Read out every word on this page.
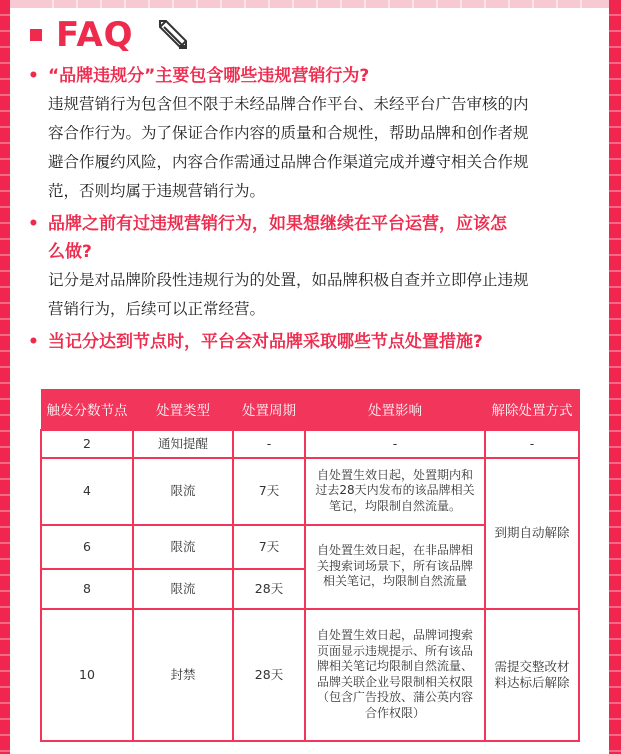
FAQ
• “品牌违规分”主要包含哪些违规营销行为?
违规营销行为包含但不限于未经品牌合作平台、未经平台广告审核的内
容合作行为。为了保证合作内容的质量和合规性，帮助品牌和创作者规
避合作履约风险，内容合作需通过品牌合作渠道完成并遵守相关合作规
范，否则均属于违规营销行为。
• 品牌之前有过违规营销行为，如果想继续在平台运营，应该怎
么做?
记分是对品牌阶段性违规行为的处置，如品牌积极自查并立即停止违规
营销行为，后续可以正常经营。
• 当记分达到节点时，平台会对品牌采取哪些节点处置措施?
触发分数节点	处置类型	处置周期	处置影响	解除处置方式
2	通知提醒	-	-	-
4	限流	7天	自处置生效日起，处置期内和过去28天内发布的该品牌相关笔记，均限制自然流量。	到期自动解除
6	限流	7天	自处置生效日起，在非品牌相关搜索词场景下，所有该品牌相关笔记，均限制自然流量	
8	限流	28天		
10	封禁	28天	自处置生效日起，品牌词搜索页面显示违规提示、所有该品牌相关笔记均限制自然流量、品牌关联企业号限制相关权限（包含广告投放、蒲公英内容合作权限）	需提交整改材料达标后解除
